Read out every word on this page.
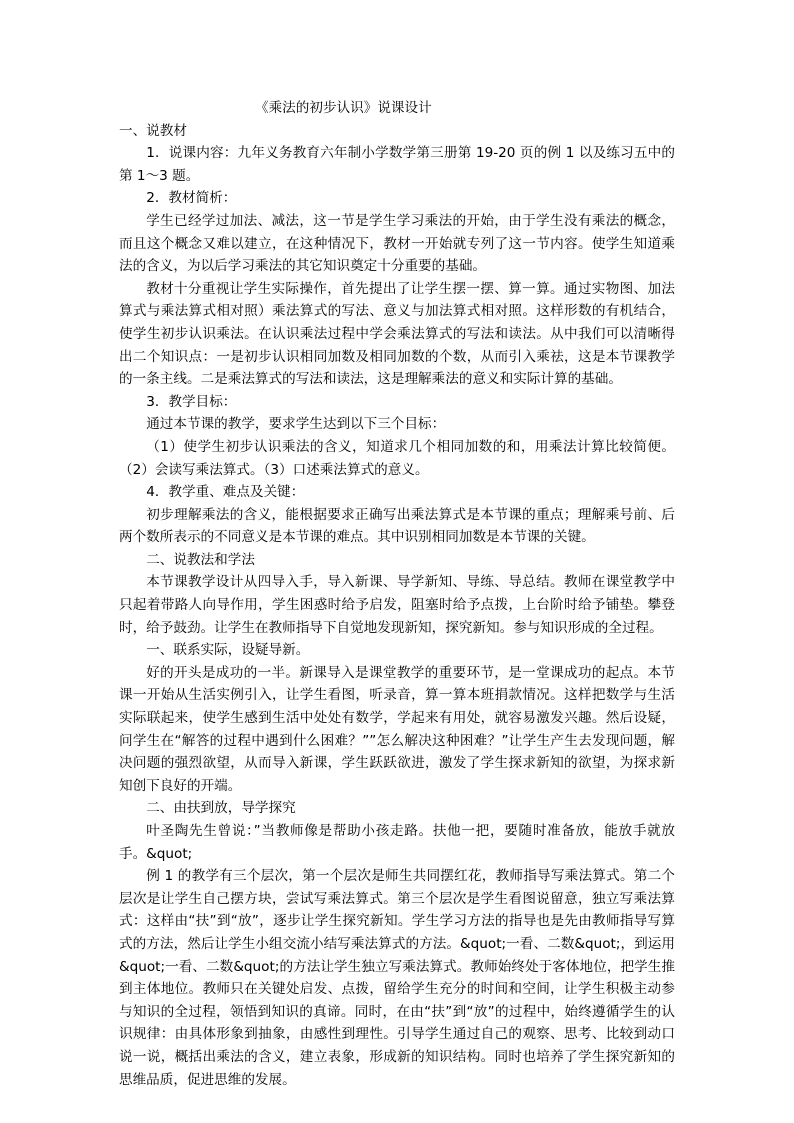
《乘法的初步认识》说课设计

一、说教材

1．说课内容：九年义务教育六年制小学数学第三册第 19-20 页的例 1 以及练习五中的第 1～3 题。

2．教材简析：

学生已经学过加法、减法，这一节是学生学习乘法的开始，由于学生没有乘法的概念，而且这个概念又难以建立，在这种情况下，教材一开始就专列了这一节内容。使学生知道乘法的含义，为以后学习乘法的其它知识奠定十分重要的基础。

教材十分重视让学生实际操作，首先提出了让学生摆一摆、算一算。通过实物图、加法算式与乘法算式相对照）乘法算式的写法、意义与加法算式相对照。这样形数的有机结合，使学生初步认识乘法。在认识乘法过程中学会乘法算式的写法和读法。从中我们可以清晰得出二个知识点：一是初步认识相同加数及相同加数的个数，从而引入乘祛，这是本节课教学的一条主线。二是乘法算式的写法和读法，这是理解乘法的意义和实际计算的基础。

3．教学目标：

通过本节课的教学，要求学生达到以下三个目标：

（1）使学生初步认识乘法的含义，知道求几个相同加数的和，用乘法计算比较简便。（2）会读写乘法算式。（3）口述乘法算式的意义。

4．教学重、难点及关键：

初步理解乘法的含义，能根据要求正确写出乘法算式是本节课的重点；理解乘号前、后两个数所表示的不同意义是本节课的难点。其中识别相同加数是本节课的关键。

二、说教法和学法

本节课教学设计从四导入手，导入新课、导学新知、导练、导总结。教师在课堂教学中只起着带路人向导作用，学生困惑时给予启发，阻塞时给予点拨，上台阶时给予铺垫。攀登时，给予鼓劲。让学生在教师指导下自觉地发现新知，探究新知。参与知识形成的全过程。

一、联系实际，设疑导新。

好的开头是成功的一半。新课导入是课堂教学的重要环节，是一堂课成功的起点。本节课一开始从生活实例引入，让学生看图，听录音，算一算本班捐款情况。这样把数学与生活实际联起来，使学生感到生活中处处有数学，学起来有用处，就容易激发兴趣。然后设疑，问学生在“解答的过程中遇到什么困难？””怎么解决这种困难？”让学生产生去发现问题，解决问题的强烈欲望，从而导入新课，学生跃跃欲进，激发了学生探求新知的欲望，为探求新知创下良好的开端。

二、由扶到放，导学探究

叶圣陶先生曾说：”当教师像是帮助小孩走路。扶他一把，要随时准备放，能放手就放手。&quot;

例 1 的教学有三个层次，第一个层次是师生共同摆红花，教师指导写乘法算式。第二个层次是让学生自己摆方块，尝试写乘法算式。第三个层次是学生看图说留意，独立写乘法算式：这样由“扶”到“放”，逐步让学生探究新知。学生学习方法的指导也是先由教师指导写算式的方法，然后让学生小组交流小结写乘法算式的方法。&quot;一看、二数&quot;，到运用&quot;一看、二数&quot;的方法让学生独立写乘法算式。教师始终处于客体地位，把学生推到主体地位。教师只在关键处启发、点拨，留给学生充分的时间和空间，让学生积极主动参与知识的全过程，领悟到知识的真谛。同时，在由“扶”到“放”的过程中，始终遵循学生的认识规律：由具体形象到抽象，由感性到理性。引导学生通过自己的观察、思考、比较到动口说一说，概括出乘法的含义，建立表象，形成新的知识结构。同时也培养了学生探究新知的思维品质，促进思维的发展。
